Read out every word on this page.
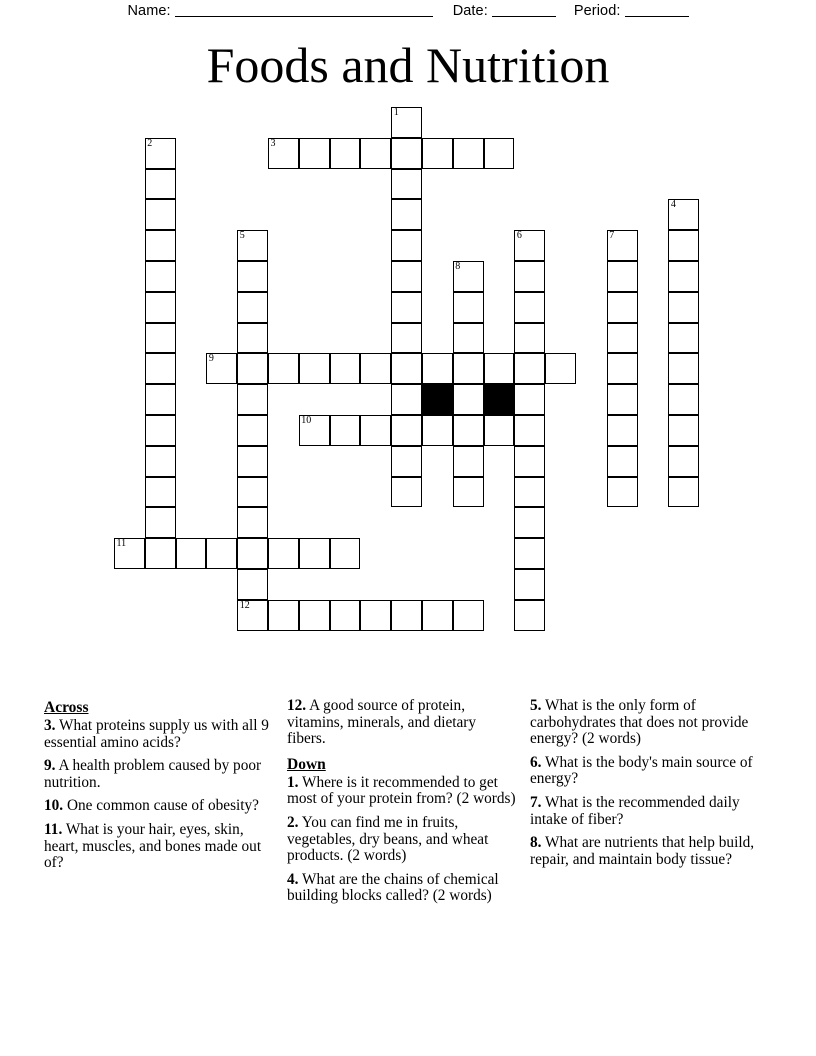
Name:	Date:	Period:
Foods and Nutrition
1
2	3
4
5	6	7
8
9
10
11
12
Across
3. What proteins supply us with all 9 essential amino acids?
9. A health problem caused by poor nutrition.
10. One common cause of obesity?
11. What is your hair, eyes, skin, heart, muscles, and bones made out of?
12. A good source of protein, vitamins, minerals, and dietary fibers.
Down
1. Where is it recommended to get most of your protein from? (2 words)
2. You can find me in fruits, vegetables, dry beans, and wheat products. (2 words)
4. What are the chains of chemical building blocks called? (2 words)
5. What is the only form of carbohydrates that does not provide energy? (2 words)
6. What is the body's main source of energy?
7. What is the recommended daily intake of fiber?
8. What are nutrients that help build, repair, and maintain body tissue?
